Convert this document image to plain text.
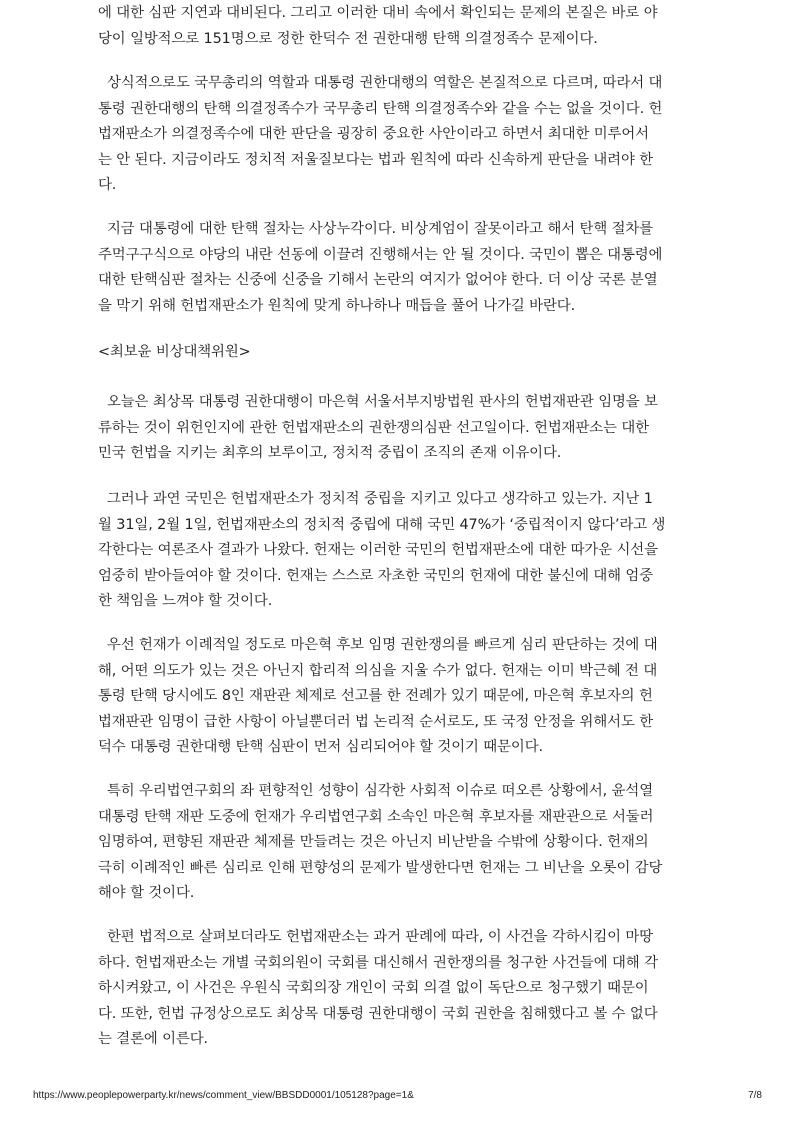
에 대한 심판 지연과 대비된다. 그리고 이러한 대비 속에서 확인되는 문제의 본질은 바로 야
당이 일방적으로 151명으로 정한 한덕수 전 권한대행 탄핵 의결정족수 문제이다.

상식적으로도 국무총리의 역할과 대통령 권한대행의 역할은 본질적으로 다르며, 따라서 대
통령 권한대행의 탄핵 의결정족수가 국무총리 탄핵 의결정족수와 같을 수는 없을 것이다. 헌
법재판소가 의결정족수에 대한 판단을 굉장히 중요한 사안이라고 하면서 최대한 미루어서
는 안 된다. 지금이라도 정치적 저울질보다는 법과 원칙에 따라 신속하게 판단을 내려야 한
다.

지금 대통령에 대한 탄핵 절차는 사상누각이다. 비상계엄이 잘못이라고 해서 탄핵 절차를
주먹구구식으로 야당의 내란 선동에 이끌려 진행해서는 안 될 것이다. 국민이 뽑은 대통령에
대한 탄핵심판 절차는 신중에 신중을 기해서 논란의 여지가 없어야 한다. 더 이상 국론 분열
을 막기 위해 헌법재판소가 원칙에 맞게 하나하나 매듭을 풀어 나가길 바란다.

<최보윤 비상대책위원>

오늘은 최상목 대통령 권한대행이 마은혁 서울서부지방법원 판사의 헌법재판관 임명을 보
류하는 것이 위헌인지에 관한 헌법재판소의 권한쟁의심판 선고일이다. 헌법재판소는 대한
민국 헌법을 지키는 최후의 보루이고, 정치적 중립이 조직의 존재 이유이다.

그러나 과연 국민은 헌법재판소가 정치적 중립을 지키고 있다고 생각하고 있는가. 지난 1
월 31일, 2월 1일, 헌법재판소의 정치적 중립에 대해 국민 47%가 ‘중립적이지 않다’라고 생
각한다는 여론조사 결과가 나왔다. 헌재는 이러한 국민의 헌법재판소에 대한 따가운 시선을
엄중히 받아들여야 할 것이다. 헌재는 스스로 자초한 국민의 헌재에 대한 불신에 대해 엄중
한 책임을 느껴야 할 것이다.

우선 헌재가 이례적일 정도로 마은혁 후보 임명 권한쟁의를 빠르게 심리 판단하는 것에 대
해, 어떤 의도가 있는 것은 아닌지 합리적 의심을 지울 수가 없다. 헌재는 이미 박근혜 전 대
통령 탄핵 당시에도 8인 재판관 체제로 선고를 한 전례가 있기 때문에, 마은혁 후보자의 헌
법재판관 임명이 급한 사항이 아닐뿐더러 법 논리적 순서로도, 또 국정 안정을 위해서도 한
덕수 대통령 권한대행 탄핵 심판이 먼저 심리되어야 할 것이기 때문이다.

특히 우리법연구회의 좌 편향적인 성향이 심각한 사회적 이슈로 떠오른 상황에서, 윤석열
대통령 탄핵 재판 도중에 헌재가 우리법연구회 소속인 마은혁 후보자를 재판관으로 서둘러
임명하여, 편향된 재판관 체제를 만들려는 것은 아닌지 비난받을 수밖에 상황이다. 헌재의
극히 이례적인 빠른 심리로 인해 편향성의 문제가 발생한다면 헌재는 그 비난을 오롯이 감당
해야 할 것이다.

한편 법적으로 살펴보더라도 헌법재판소는 과거 판례에 따라, 이 사건을 각하시킴이 마땅
하다. 헌법재판소는 개별 국회의원이 국회를 대신해서 권한쟁의를 청구한 사건들에 대해 각
하시켜왔고, 이 사건은 우원식 국회의장 개인이 국회 의결 없이 독단으로 청구했기 때문이
다. 또한, 헌법 규정상으로도 최상목 대통령 권한대행이 국회 권한을 침해했다고 볼 수 없다
는 결론에 이른다.

https://www.peoplepowerparty.kr/news/comment_view/BBSDD0001/105128?page=1&	7/8
